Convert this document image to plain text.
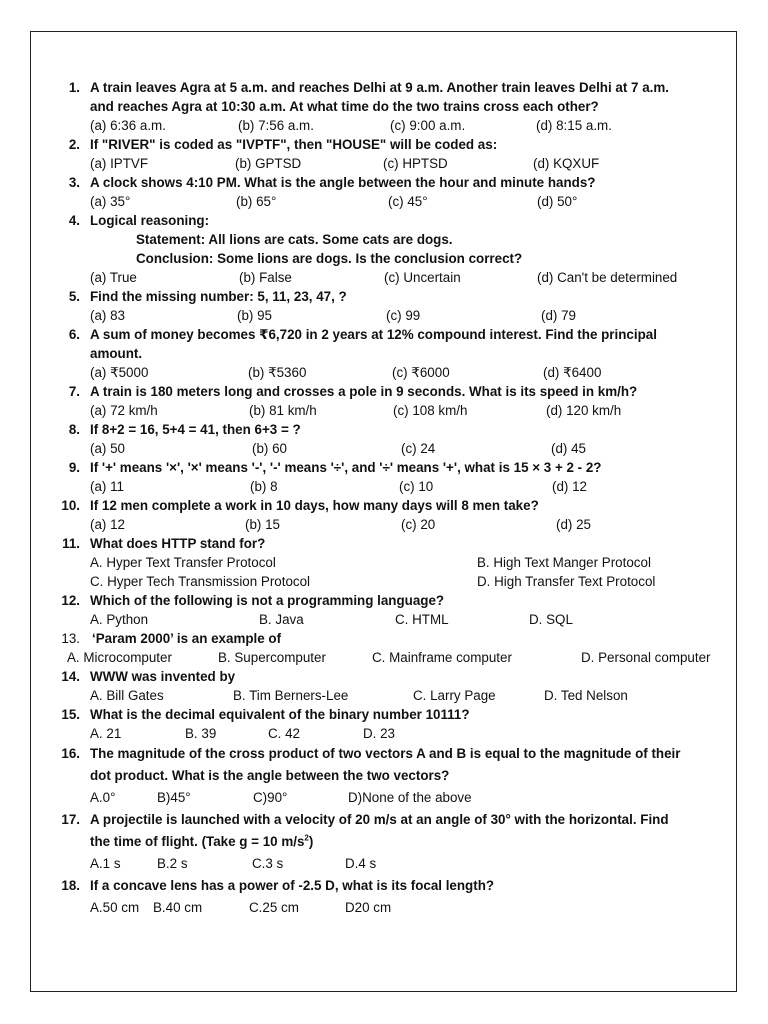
1. A train leaves Agra at 5 a.m. and reaches Delhi at 9 a.m. Another train leaves Delhi at 7 a.m.
and reaches Agra at 10:30 a.m. At what time do the two trains cross each other?
(a) 6:36 a.m.	(b) 7:56 a.m.	(c) 9:00 a.m.	(d) 8:15 a.m.
2. If "RIVER" is coded as "IVPTF", then "HOUSE" will be coded as:
(a) IPTVF	(b) GPTSD	(c) HPTSD	(d) KQXUF
3. A clock shows 4:10 PM. What is the angle between the hour and minute hands?
(a) 35°	(b) 65°	(c) 45°	(d) 50°
4. Logical reasoning:
Statement: All lions are cats. Some cats are dogs.
Conclusion: Some lions are dogs. Is the conclusion correct?
(a) True	(b) False	(c) Uncertain	(d) Can't be determined
5. Find the missing number: 5, 11, 23, 47, ?
(a) 83	(b) 95	(c) 99	(d) 79
6. A sum of money becomes ₹6,720 in 2 years at 12% compound interest. Find the principal
amount.
(a) ₹5000	(b) ₹5360	(c) ₹6000	(d) ₹6400
7. A train is 180 meters long and crosses a pole in 9 seconds. What is its speed in km/h?
(a) 72 km/h	(b) 81 km/h	(c) 108 km/h	(d) 120 km/h
8. If 8+2 = 16, 5+4 = 41, then 6+3 = ?
(a) 50	(b) 60	(c) 24	(d) 45
9. If '+' means '×', '×' means '-', '-' means '÷', and '÷' means '+', what is 15 × 3 + 2 - 2?
(a) 11	(b) 8	(c) 10	(d) 12
10. If 12 men complete a work in 10 days, how many days will 8 men take?
(a) 12	(b) 15	(c) 20	(d) 25
11. What does HTTP stand for?
A. Hyper Text Transfer Protocol	B. High Text Manger Protocol
C. Hyper Tech Transmission Protocol	D. High Transfer Text Protocol
12. Which of the following is not a programming language?
A. Python	B. Java	C. HTML	D. SQL
13. ‘Param 2000’ is an example of
A. Microcomputer	B. Supercomputer	C. Mainframe computer	D. Personal computer
14. WWW was invented by
A. Bill Gates	B. Tim Berners-Lee	C. Larry Page	D. Ted Nelson
15. What is the decimal equivalent of the binary number 10111?
A. 21	B. 39	C. 42	D. 23
16. The magnitude of the cross product of two vectors A and B is equal to the magnitude of their
dot product. What is the angle between the two vectors?
A.0°	B)45°	C)90°	D)None of the above
17. A projectile is launched with a velocity of 20 m/s at an angle of 30° with the horizontal. Find
the time of flight. (Take g = 10 $m/s^2$)
A.1 s	B.2 s	C.3 s	D.4 s
18. If a concave lens has a power of -2.5 D, what is its focal length?
A.50 cm B.40 cm	C.25 cm	D20 cm
